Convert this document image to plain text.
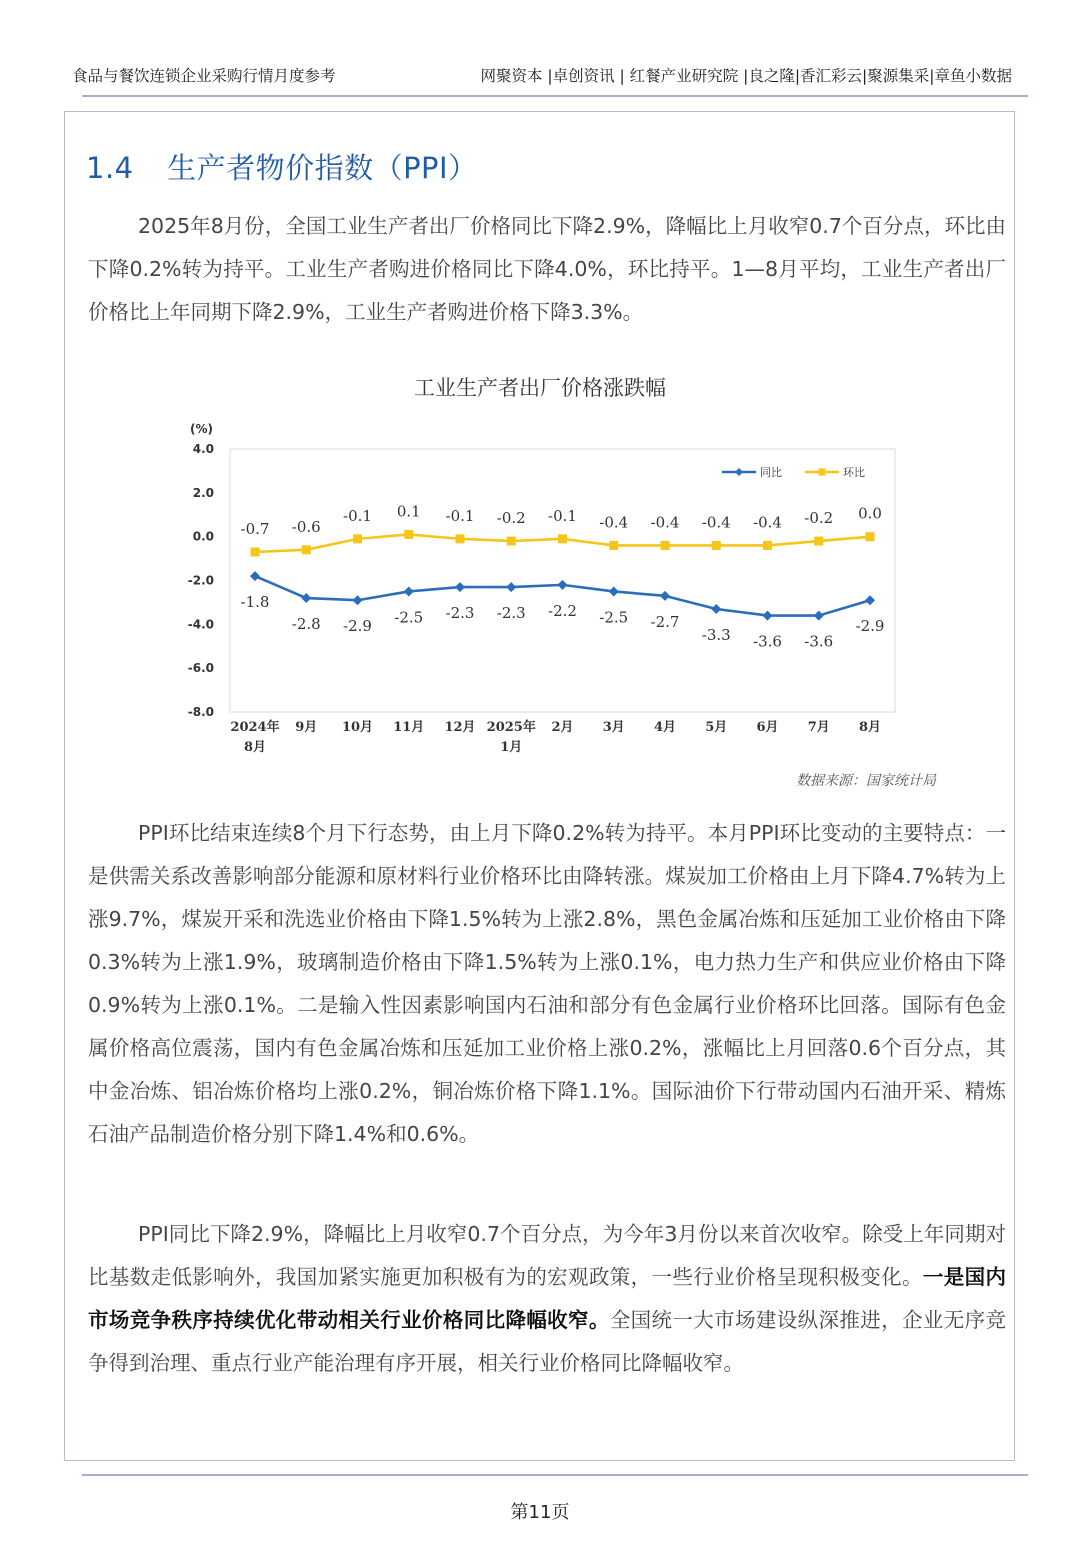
食品与餐饮连锁企业采购行情月度参考	网聚资本 |卓创资讯 | 红餐产业研究院 |良之隆|香汇彩云|聚源集采|章鱼小数据
1.4 生产者物价指数（PPI）

2025年8月份，全国工业生产者出厂价格同比下降2.9%，降幅比上月收窄0.7个百分点，环比由下降0.2%转为持平。工业生产者购进价格同比下降4.0%，环比持平。1—8月平均，工业生产者出厂价格比上年同期下降2.9%，工业生产者购进价格下降3.3%。

工业生产者出厂价格涨跌幅
(%)
4.0
2.0
0.0
-2.0
-4.0
-6.0
-8.0
2024年
8月
9月 10月 11月 12月 2025年
1月
2月 3月 4月 5月 6月 7月 8月
-1.8
-2.8 -2.9 -2.5 -2.3 -2.3 -2.2 -2.5 -2.7
-3.3 -3.6 -3.6
-2.9
-0.7 -0.6
-0.1 0.1 -0.1 -0.2 -0.1 -0.4 -0.4 -0.4 -0.4 -0.2 0.0
同比	环比
数据来源：国家统计局

PPI环比结束连续8个月下行态势，由上月下降0.2%转为持平。本月PPI环比变动的主要特点：一是供需关系改善影响部分能源和原材料行业价格环比由降转涨。煤炭加工价格由上月下降4.7%转为上涨9.7%，煤炭开采和洗选业价格由下降1.5%转为上涨2.8%，黑色金属冶炼和压延加工业价格由下降0.3%转为上涨1.9%，玻璃制造价格由下降1.5%转为上涨0.1%，电力热力生产和供应业价格由下降0.9%转为上涨0.1%。二是输入性因素影响国内石油和部分有色金属行业价格环比回落。国际有色金属价格高位震荡，国内有色金属冶炼和压延加工业价格上涨0.2%，涨幅比上月回落0.6个百分点，其中金冶炼、铝冶炼价格均上涨0.2%，铜冶炼价格下降1.1%。国际油价下行带动国内石油开采、精炼石油产品制造价格分别下降1.4%和0.6%。

PPI同比下降2.9%，降幅比上月收窄0.7个百分点，为今年3月份以来首次收窄。除受上年同期对比基数走低影响外，我国加紧实施更加积极有为的宏观政策，一些行业价格呈现积极变化。一是国内市场竞争秩序持续优化带动相关行业价格同比降幅收窄。全国统一大市场建设纵深推进，企业无序竞争得到治理、重点行业产能治理有序开展，相关行业价格同比降幅收窄。

第11页
